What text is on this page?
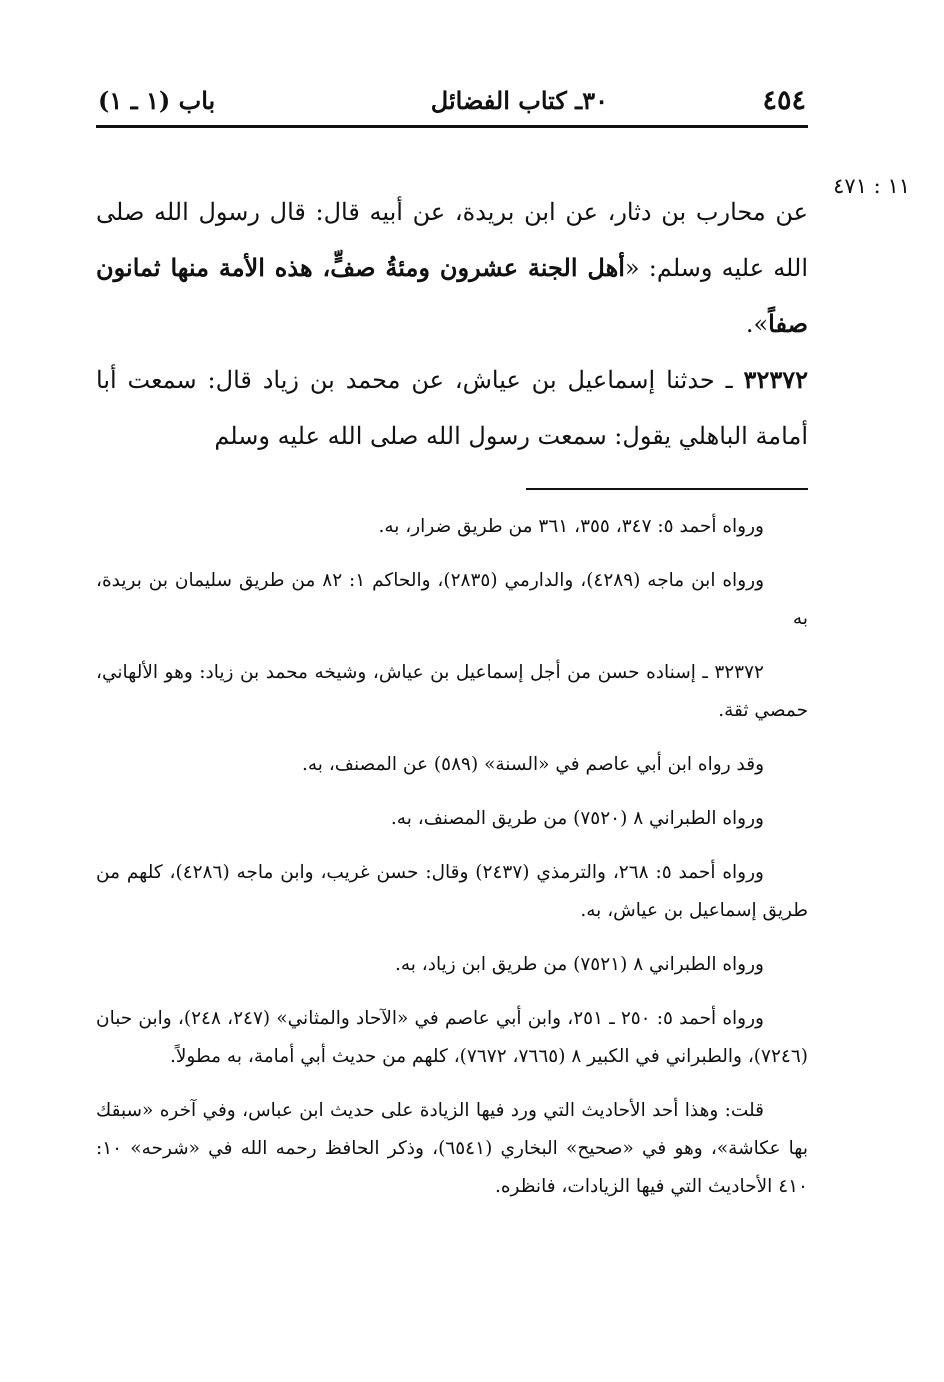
٤٥٤
٣٠ـ كتاب الفضائل
باب (١ ـ ١)
١١ : ٤٧١

عن محارب بن دثار، عن ابن بريدة، عن أبيه قال: قال رسول الله صلى الله عليه وسلم: «أهل الجنة عشرون ومئةُ صفٍّ، هذه الأمة منها ثمانون صفاً».

٣٢٣٧٢ ـ حدثنا إسماعيل بن عياش، عن محمد بن زياد قال: سمعت أبا أمامة الباهلي يقول: سمعت رسول الله صلى الله عليه وسلم

ورواه أحمد ٥: ٣٤٧، ٣٥٥، ٣٦١ من طريق ضرار، به.

ورواه ابن ماجه (٤٢٨٩)، والدارمي (٢٨٣٥)، والحاكم ١: ٨٢ من طريق سليمان بن بريدة، به

٣٢٣٧٢ ـ إسناده حسن من أجل إسماعيل بن عياش، وشيخه محمد بن زياد: وهو الألهاني، حمصي ثقة.

وقد رواه ابن أبي عاصم في «السنة» (٥٨٩) عن المصنف، به.

ورواه الطبراني ٨ (٧٥٢٠) من طريق المصنف، به.

ورواه أحمد ٥: ٢٦٨، والترمذي (٢٤٣٧) وقال: حسن غريب، وابن ماجه (٤٢٨٦)، كلهم من طريق إسماعيل بن عياش، به.

ورواه الطبراني ٨ (٧٥٢١) من طريق ابن زياد، به.

ورواه أحمد ٥: ٢٥٠ ـ ٢٥١، وابن أبي عاصم في «الآحاد والمثاني» (٢٤٧، ٢٤٨)، وابن حبان (٧٢٤٦)، والطبراني في الكبير ٨ (٧٦٦٥، ٧٦٧٢)، كلهم من حديث أبي أمامة، به مطولاً.

قلت: وهذا أحد الأحاديث التي ورد فيها الزيادة على حديث ابن عباس، وفي آخره «سبقك بها عكاشة»، وهو في «صحيح» البخاري (٦٥٤١)، وذكر الحافظ رحمه الله في «شرحه» ١٠: ٤١٠ الأحاديث التي فيها الزيادات، فانظره.
